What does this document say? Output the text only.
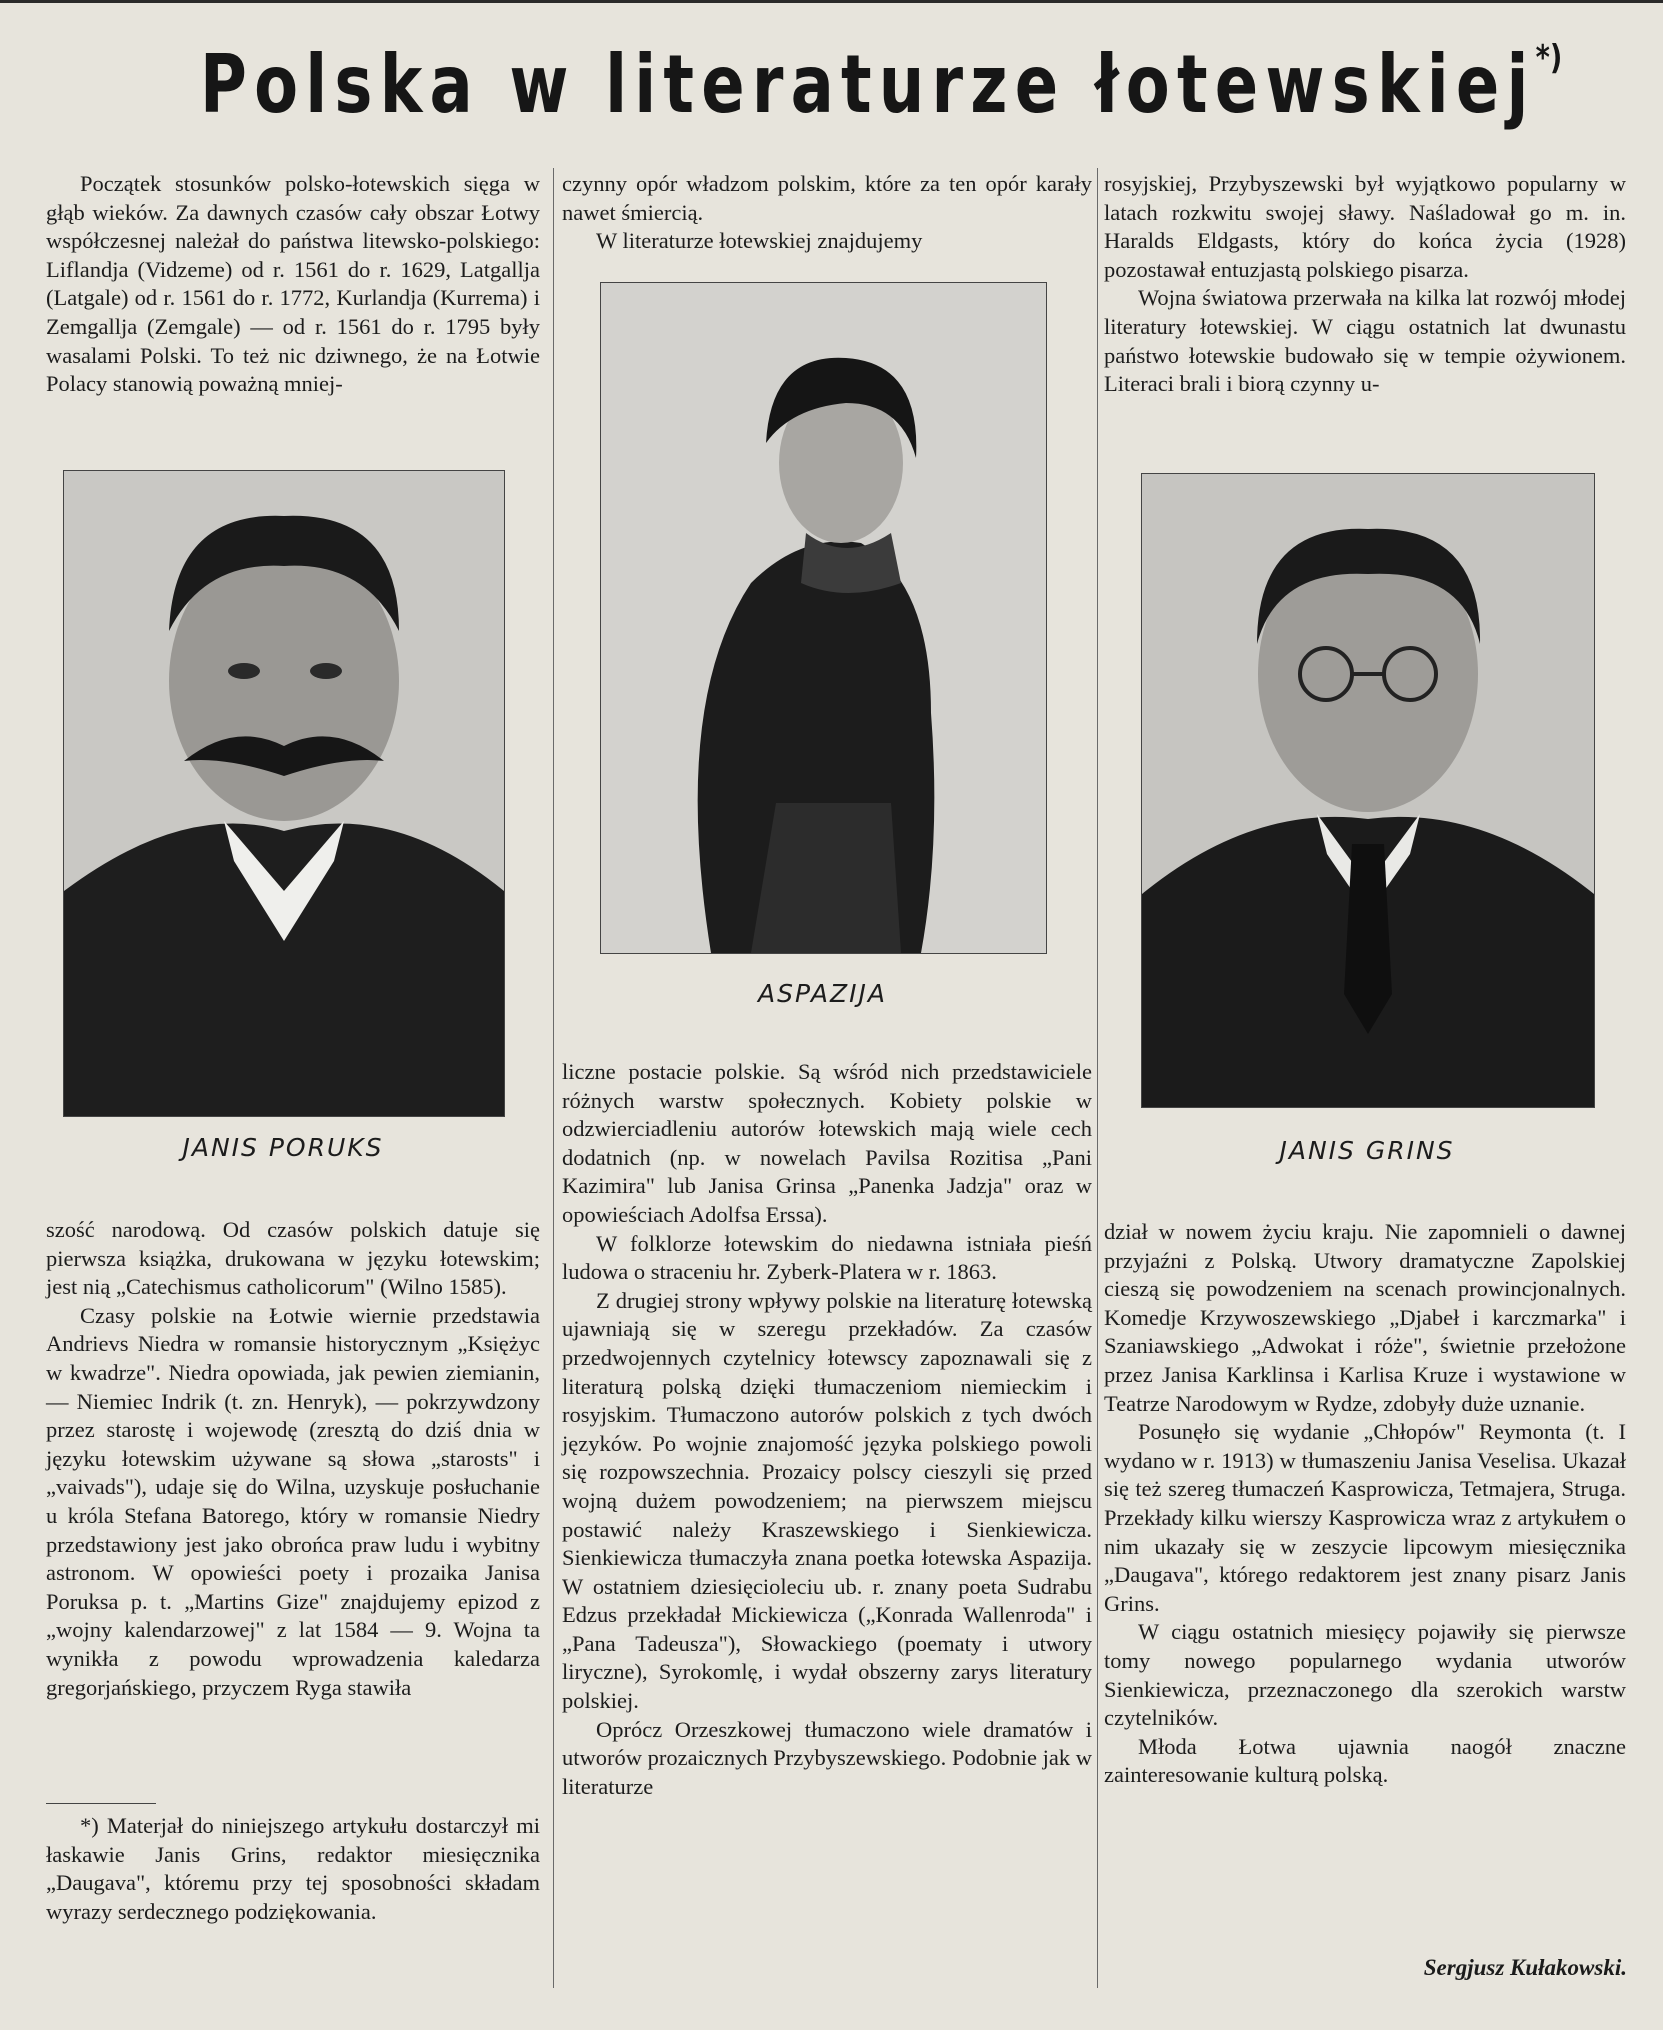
Polska w literaturze łotewskiej*)

Początek stosunków polsko-łotewskich sięga w głąb wieków. Za dawnych czasów cały obszar Łotwy współczesnej należał do państwa litewsko-polskiego: Liflandja (Vidzeme) od r. 1561 do r. 1629, Latgallja (Latgale) od r. 1561 do r. 1772, Kurlandja (Kurrema) i Zemgallja (Zemgale) — od r. 1561 do r. 1795 były wasalami Polski. To też nic dziwnego, że na Łotwie Polacy stanowią poważną mniej-

czynny opór władzom polskim, które za ten opór karały nawet śmiercią.

W literaturze łotewskiej znajdujemy

rosyjskiej, Przybyszewski był wyjątkowo popularny w latach rozkwitu swojej sławy. Naśladował go m. in. Haralds Eldgasts, który do końca życia (1928) pozostawał entuzjastą polskiego pisarza.

Wojna światowa przerwała na kilka lat rozwój młodej literatury łotewskiej. W ciągu ostatnich lat dwunastu państwo łotewskie budowało się w tempie ożywionem. Literaci brali i biorą czynny u-

JANIS PORUKS
ASPAZIJA
JANIS GRINS

szość narodową. Od czasów polskich datuje się pierwsza książka, drukowana w języku łotewskim; jest nią „Catechismus catholicorum" (Wilno 1585).

Czasy polskie na Łotwie wiernie przedstawia Andrievs Niedra w romansie historycznym „Księżyc w kwadrze". Niedra opowiada, jak pewien ziemianin, — Niemiec Indrik (t. zn. Henryk), — pokrzywdzony przez starostę i wojewodę (zresztą do dziś dnia w języku łotewskim używane są słowa „starosts" i „vaivads"), udaje się do Wilna, uzyskuje posłuchanie u króla Stefana Batorego, który w romansie Niedry przedstawiony jest jako obrońca praw ludu i wybitny astronom. W opowieści poety i prozaika Janisa Poruksa p. t. „Martins Gize" znajdujemy epizod z „wojny kalendarzowej" z lat 1584 — 9. Wojna ta wynikła z powodu wprowadzenia kaledarza gregorjańskiego, przyczem Ryga stawiła

*) Materjał do niniejszego artykułu dostarczył mi łaskawie Janis Grins, redaktor miesięcznika „Daugava", któremu przy tej sposobności składam wyrazy serdecznego podziękowania.

liczne postacie polskie. Są wśród nich przedstawiciele różnych warstw społecznych. Kobiety polskie w odzwierciadleniu autorów łotewskich mają wiele cech dodatnich (np. w nowelach Pavilsa Rozitisa „Pani Kazimira" lub Janisa Grinsa „Panenka Jadzja" oraz w opowieściach Adolfsa Erssa).

W folklorze łotewskim do niedawna istniała pieśń ludowa o straceniu hr. Zyberk-Platera w r. 1863.

Z drugiej strony wpływy polskie na literaturę łotewską ujawniają się w szeregu przekładów. Za czasów przedwojennych czytelnicy łotewscy zapoznawali się z literaturą polską dzięki tłumaczeniom niemieckim i rosyjskim. Tłumaczono autorów polskich z tych dwóch języków. Po wojnie znajomość języka polskiego powoli się rozpowszechnia. Prozaicy polscy cieszyli się przed wojną dużem powodzeniem; na pierwszem miejscu postawić należy Kraszewskiego i Sienkiewicza. Sienkiewicza tłumaczyła znana poetka łotewska Aspazija. W ostatniem dziesięcioleciu ub. r. znany poeta Sudrabu Edzus przekładał Mickiewicza („Konrada Wallenroda" i „Pana Tadeusza"), Słowackiego (poematy i utwory liryczne), Syrokomlę, i wydał obszerny zarys literatury polskiej.

Oprócz Orzeszkowej tłumaczono wiele dramatów i utworów prozaicznych Przybyszewskiego. Podobnie jak w literaturze

dział w nowem życiu kraju. Nie zapomnieli o dawnej przyjaźni z Polską. Utwory dramatyczne Zapolskiej cieszą się powodzeniem na scenach prowincjonalnych. Komedje Krzywoszewskiego „Djabeł i karczmarka" i Szaniawskiego „Adwokat i róże", świetnie przełożone przez Janisa Karklinsa i Karlisa Kruze i wystawione w Teatrze Narodowym w Rydze, zdobyły duże uznanie.

Posunęło się wydanie „Chłopów" Reymonta (t. I wydano w r. 1913) w tłumaszeniu Janisa Veselisa. Ukazał się też szereg tłumaczeń Kasprowicza, Tetmajera, Struga. Przekłady kilku wierszy Kasprowicza wraz z artykułem o nim ukazały się w zeszycie lipcowym miesięcznika „Daugava", którego redaktorem jest znany pisarz Janis Grins.

W ciągu ostatnich miesięcy pojawiły się pierwsze tomy nowego popularnego wydania utworów Sienkiewicza, przeznaczonego dla szerokich warstw czytelników.

Młoda Łotwa ujawnia naogół znaczne zainteresowanie kulturą polską.

Sergjusz Kułakowski.
